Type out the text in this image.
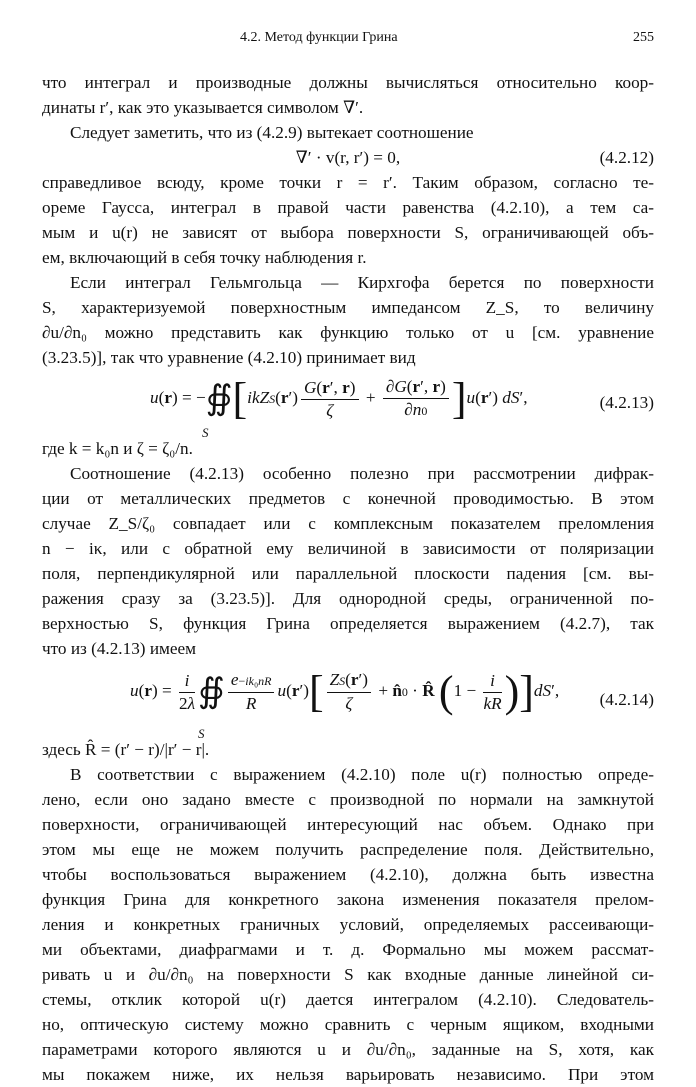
4.2. Метод функции Грина	255
что интеграл и производные должны вычисляться относительно коор-
динаты r′, как это указывается символом ∇′.
Следует заметить, что из (4.2.9) вытекает соотношение
∇′ · v(r, r′) = 0,	(4.2.12)
справедливое всюду, кроме точки r = r′. Таким образом, согласно те-
ореме Гаусса, интеграл в правой части равенства (4.2.10), а тем са-
мым и u(r) не зависят от выбора поверхности S, ограничивающей объ-
ем, включающий в себя точку наблюдения r.
Если интеграл Гельмгольца — Кирхгофа берется по поверхности
S, характеризуемой поверхностным импедансом Z_S, то величину
∂u/∂n₀ можно представить как функцию только от u [см. уравнение
(3.23.5)], так что уравнение (4.2.10) принимает вид
u(r) = −∯[ikZS(r′) $\frac{G(r', r)}{\zeta} + \frac{\partial G(r', r)}{\partial n0} ]u(r')$ dS′,
S
(4.2.13)
где k = k₀n и ζ = ζ₀/n.
Соотношение (4.2.13) особенно полезно при рассмотрении дифрак-
ции от металлических предметов с конечной проводимостью. В этом
случае Z_S/ζ₀ совпадает или с комплексным показателем преломления
n − iκ, или с обратной ему величиной в зависимости от поляризации
поля, перпендикулярной или параллельной плоскости падения [см. вы-
ражения сразу за (3.23.5)]. Для однородной среды, ограниченной по-
верхностью S, функция Грина определяется выражением (4.2.7), так
что из (4.2.13) имеем
$u(r) = \frac{i}{2\lambda}$ ∯ $\frac{\text{e−ik₀nR}}{R} u(r')[ \frac{ZS(r')}{\zeta}$ + n̂0 · R̂ $(1 - \frac{i}{kR} )]dS'$,
S
(4.2.14)
здесь R̂ = (r′ − r)/|r′ − r|.
В соответствии с выражением (4.2.10) поле u(r) полностью опреде-
лено, если оно задано вместе с производной по нормали на замкнутой
поверхности, ограничивающей интересующий нас объем. Однако при
этом мы еще не можем получить распределение поля. Действительно,
чтобы воспользоваться выражением (4.2.10), должна быть известна
функция Грина для конкретного закона изменения показателя прелом-
ления и конкретных граничных условий, определяемых рассеивающи-
ми объектами, диафрагмами и т. д. Формально мы можем рассмат-
ривать u и ∂u/∂n₀ на поверхности S как входные данные линейной си-
стемы, отклик которой u(r) дается интегралом (4.2.10). Следователь-
но, оптическую систему можно сравнить с черным ящиком, входными
параметрами которого являются u и ∂u/∂n₀, заданные на S, хотя, как
мы покажем ниже, их нельзя варьировать независимо. При этом
